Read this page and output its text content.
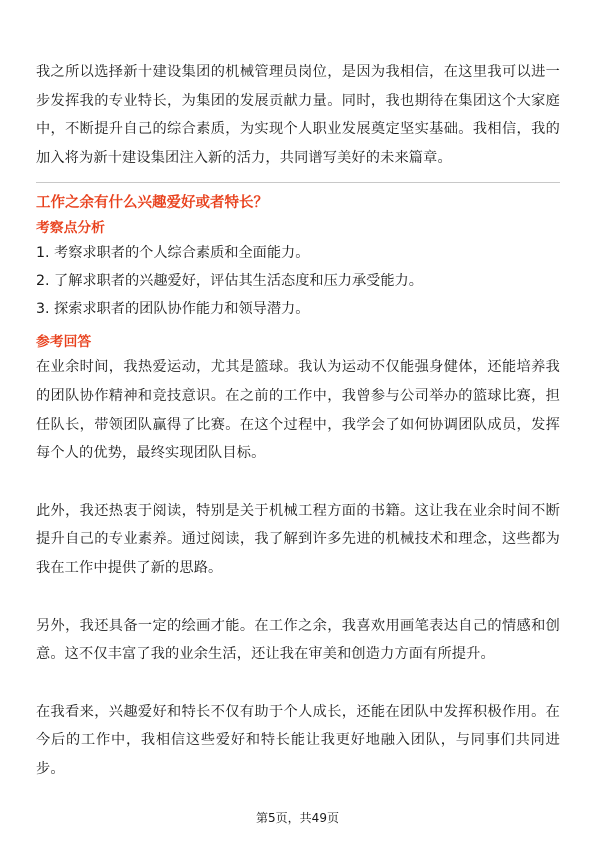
我之所以选择新十建设集团的机械管理员岗位，是因为我相信，在这里我可以进一步发挥我的专业特长，为集团的发展贡献力量。同时，我也期待在集团这个大家庭中，不断提升自己的综合素质，为实现个人职业发展奠定坚实基础。我相信，我的加入将为新十建设集团注入新的活力，共同谱写美好的未来篇章。

工作之余有什么兴趣爱好或者特长？
考察点分析
1. 考察求职者的个人综合素质和全面能力。
2. 了解求职者的兴趣爱好，评估其生活态度和压力承受能力。
3. 探索求职者的团队协作能力和领导潜力。
参考回答

在业余时间，我热爱运动，尤其是篮球。我认为运动不仅能强身健体，还能培养我的团队协作精神和竞技意识。在之前的工作中，我曾参与公司举办的篮球比赛，担任队长，带领团队赢得了比赛。在这个过程中，我学会了如何协调团队成员，发挥每个人的优势，最终实现团队目标。

此外，我还热衷于阅读，特别是关于机械工程方面的书籍。这让我在业余时间不断提升自己的专业素养。通过阅读，我了解到许多先进的机械技术和理念，这些都为我在工作中提供了新的思路。

另外，我还具备一定的绘画才能。在工作之余，我喜欢用画笔表达自己的情感和创意。这不仅丰富了我的业余生活，还让我在审美和创造力方面有所提升。

在我看来，兴趣爱好和特长不仅有助于个人成长，还能在团队中发挥积极作用。在今后的工作中，我相信这些爱好和特长能让我更好地融入团队，与同事们共同进步。

第5页，共49页
